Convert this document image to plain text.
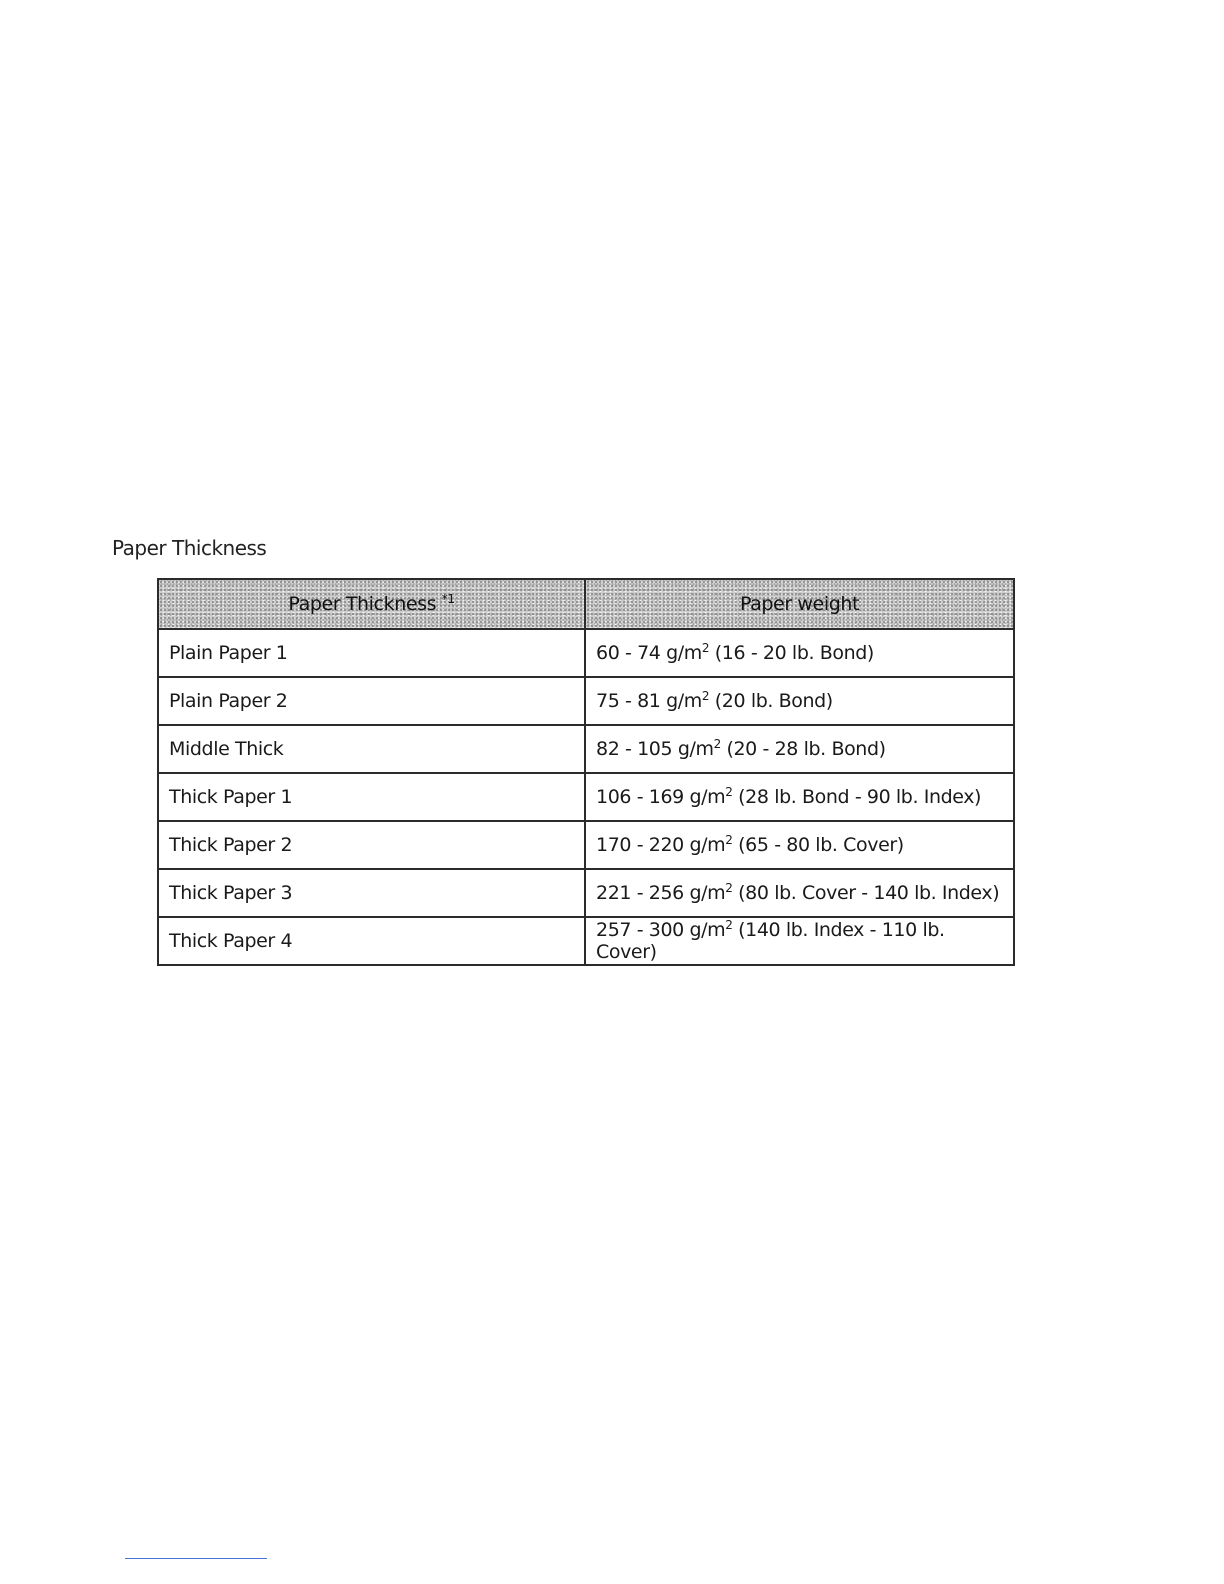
Paper Thickness
Paper Thickness $^{*1}$	Paper weight
Plain Paper 1	60 - 74 $g/m^2$ (16 - 20 lb. Bond)
Plain Paper 2	75 - 81 $g/m^2$ (20 lb. Bond)
Middle Thick	82 - 105 $g/m^2$ (20 - 28 lb. Bond)
Thick Paper 1	106 - 169 $g/m^2$ (28 lb. Bond - 90 lb. Index)
Thick Paper 2	170 - 220 $g/m^2$ (65 - 80 lb. Cover)
Thick Paper 3	221 - 256 $g/m^2$ (80 lb. Cover - 140 lb. Index)
Thick Paper 4	257 - 300 $g/m^2$ (140 lb. Index - 110 lb. Cover)
